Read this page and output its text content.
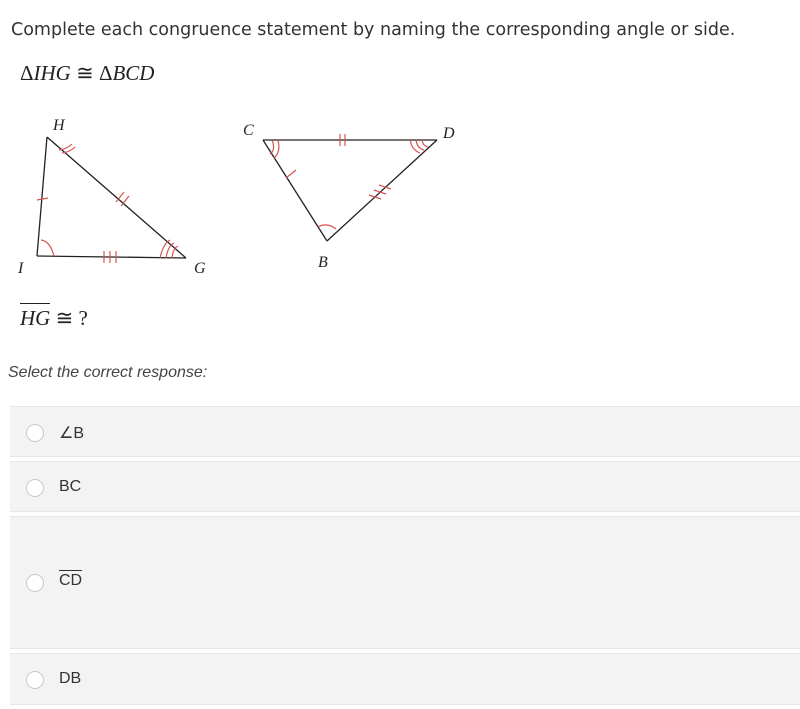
Complete each congruence statement by naming the corresponding angle or side.
ΔIHG ≅ ΔBCD
H
I	G
C	D
B
HG ≅ ?
Select the correct response:
∠B
BC
CD
DB
